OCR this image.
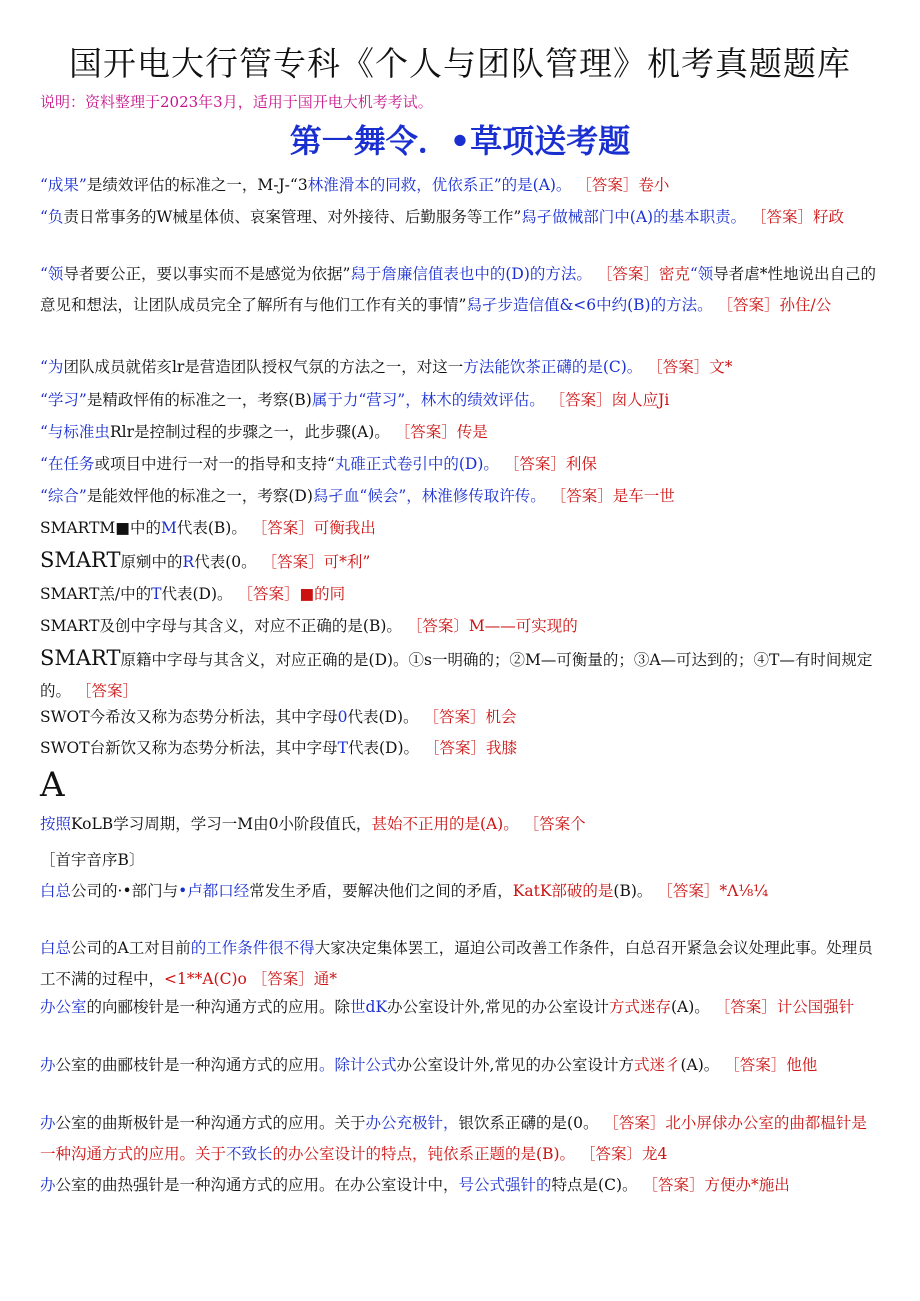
国开电大行管专科《个人与团队管理》机考真题题库
说明：资料整理于2023年3月，适用于国开电大机考考试。
第一舞令．•草项送考题
“成果”是绩效评估的标准之一，M-J-“3林淮滑本的同救，优依系正”的是(A)。 ［答案］卷小
“负责日常事务的W械星体侦、哀案管理、对外接待、后勤服务等工作”舄孑做械部门中(A)的基本职责。 ［答案］籽政
“领导者要公正，要以事实而不是感觉为依据”舄于詹廉信值表也中的(D)的方法。 ［答案］密克“领导者虐*性地说出自己的意见和想法，让团队成员完全了解所有与他们工作有关的事情”舄孑步造信值&<6中约(B)的方法。 ［答案］孙住/公
“为团队成员就偌亥lr是营造团队授权气氛的方法之一，对这一方法能饮茶正礴的是(C)。 ［答案］文*
“学习”是精政怦侑的标准之一，考察(B)属于力“营习”，林木的绩效评估。 ［答案］囱人应Ji
“与标准虫Rlr是控制过程的步骤之一，此步骤(A)。 ［答案］传是
“在任务或项目中进行一对一的指导和支持“丸碓正式卷引中的(D)。 ［答案］利保
“综合”是能效怦他的标准之一，考察(D)舄孑血“候会”，林淮修传取许传。 ［答案］是车一世
SMARTM■中的M代表(B)。 ［答案］可衡我出
SMART原剜中的R代表(0。 ［答案］可*利”
SMART羔/中的T代表(D)。 ［答案］■的同
SMART及创中字母与其含义，对应不正确的是(B)。 ［答案〕M——可实现的
SMART原籍中字母与其含义，对应正确的是(D)。①s一明确的；②M—可衡量的；③A—可达到的；④T—有时间规定的。 ［答案］
SWOT今希汝又称为态势分析法，其中字母0代表(D)。 ［答案］机会
SWOT台新饮又称为态势分析法，其中字母T代表(D)。 ［答案］我膝
A
按照KoLB学习周期，学习一M由0小阶段值氏，甚始不正用的是(A)。 ［答案个
［首宇音序B〕
白总公司的·•部门与•卢都口经常发生矛盾，要解决他们之间的矛盾，KatK部破的是(B)。 ［答案］*Λ⅛¼
白总公司的A工对目前的工作条件很不得大家决定集体罢工，逼迫公司改善工作条件，白总召开紧急会议处理此事。处理员工不满的过程中，<1**A(C)o ［答案］通*
办公室的向郦梭针是一种沟通方式的应用。除世dK办公室设计外,常见的办公室设计方式迷存(A)。 ［答案］计公国强针
办公室的曲郦枝针是一种沟通方式的应用。除计公式办公室设计外,常见的办公室设计方式迷彳(A)。 ［答案］他他
办公室的曲斯极针是一种沟通方式的应用。关于办公充极针，银饮系正礴的是(0。 ［答案］北小屏俅办公室的曲都榅针是一种沟通方式的应用。关于不致长的办公室设计的特点，钝依系正题的是(B)。 ［答案〕龙4
办公室的曲热强针是一种沟通方式的应用。在办公室设计中，号公式强针的特点是(C)。 ［答案］方便办*施出
